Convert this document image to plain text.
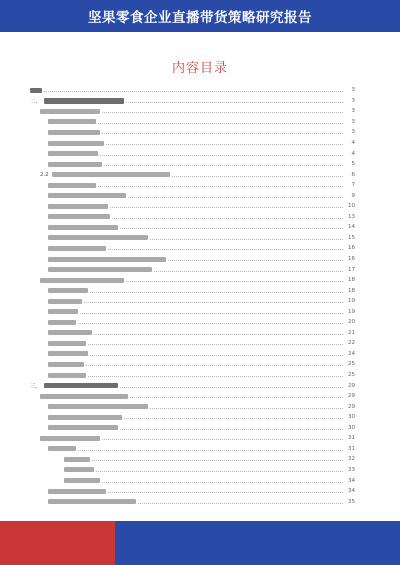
坚果零食企业直播带货策略研究报告
内容目录
3
二、	3
3
3
3
4
4
5
2.2	6
7
9
10
13
14
15
16
16
17
18
18
19
19
20
21
22
24
25
25
三、	29
29
29
30
30
31
31
32
33
34
34
35
